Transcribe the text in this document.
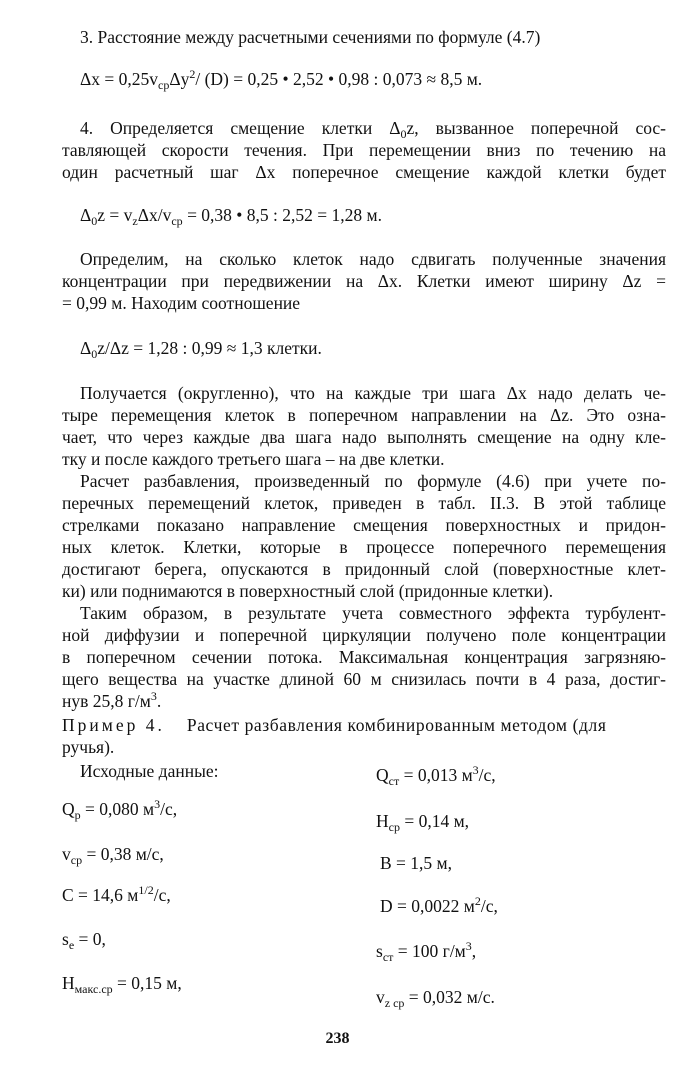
3. Расстояние между расчетными сечениями по формуле (4.7)
$\Delta x = 0,25v_{cp}\Delta y^2/$ (D) = 0,25 • 2,52 • 0,98 : 0,073 ≈ 8,5 м.
4. Определяется смещение клетки $\Delta_0z$, вызванное поперечной сос-
тавляющей скорости течения. При перемещении вниз по течению на
один расчетный шаг Δx поперечное смещение каждой клетки будет
$\Delta_0z = v_z\Delta x/v_{cp} = 0,38$ • 8,5 : 2,52 = 1,28 м.
Определим, на сколько клеток надо сдвигать полученные значения
концентрации при передвижении на Δx. Клетки имеют ширину Δz =
= 0,99 м. Находим соотношение
$\Delta_0z/\Delta z = 1,28$ : 0,99 ≈ 1,3 клетки.
Получается (округленно), что на каждые три шага Δx надо делать че-
тыре перемещения клеток в поперечном направлении на Δz. Это озна-
чает, что через каждые два шага надо выполнять смещение на одну кле-
тку и после каждого третьего шага – на две клетки.
Расчет разбавления, произведенный по формуле (4.6) при учете по-
перечных перемещений клеток, приведен в табл. II.3. В этой таблице
стрелками показано направление смещения поверхностных и придон-
ных клеток. Клетки, которые в процессе поперечного перемещения
достигают берега, опускаются в придонный слой (поверхностные клет-
ки) или поднимаются в поверхностный слой (придонные клетки).
Таким образом, в результате учета совместного эффекта турбулент-
ной диффузии и поперечной циркуляции получено поле концентрации
в поперечном сечении потока. Максимальная концентрация загрязняю-
щего вещества на участке длиной 60 м снизилась почти в 4 раза, достиг-
нув 25,8 $г/м^3$.
Пример 4. Расчет разбавления комбинированным методом (для
ручья).
Исходные данные:
$Q_p = 0,080$ $м^3/с$,
$v_{cp} = 0,38$ м/с,
C = 14,6 $м^{1/2}/с$,
$s_e = 0$,
$H_{макс.cp} = 0,15$ м,
$Q_{ст} = 0,013$ $м^3/с$,
$H_{cp} = 0,14$ м,
B = 1,5 м,
D = 0,0022 $м^2/с$,
$s_{ст} = 100$ $г/м^3$,
$v_{z cp} = 0,032$ м/с.
238
